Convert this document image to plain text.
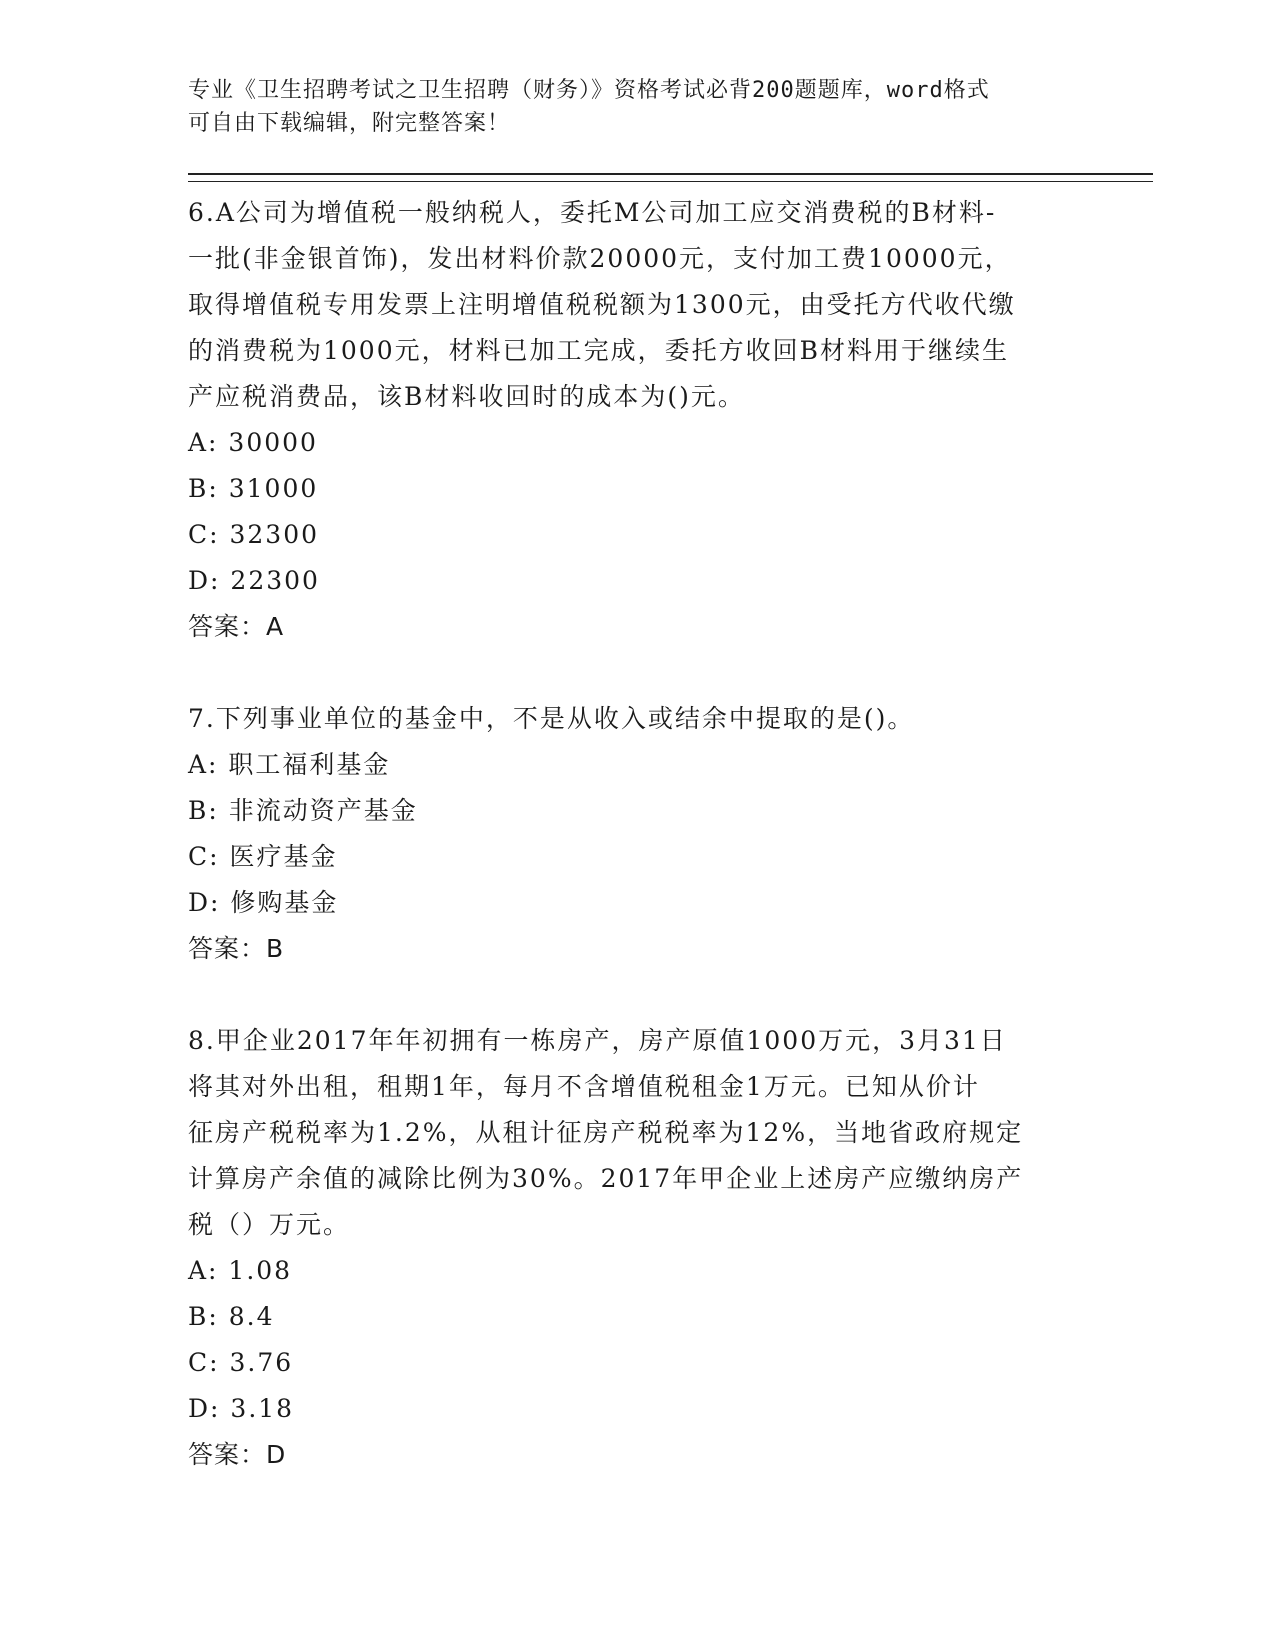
专业《卫生招聘考试之卫生招聘（财务）》资格考试必背200题题库，word格式
可自由下载编辑，附完整答案！
6.A公司为增值税一般纳税人，委托M公司加工应交消费税的B材料-
一批(非金银首饰)，发出材料价款20000元，支付加工费10000元，
取得增值税专用发票上注明增值税税额为1300元，由受托方代收代缴
的消费税为1000元，材料已加工完成，委托方收回B材料用于继续生
产应税消费品，该B材料收回时的成本为()元。
A: 30000
B: 31000
C: 32300
D: 22300
答案：A
7.下列事业单位的基金中，不是从收入或结余中提取的是()。
A: 职工福利基金
B: 非流动资产基金
C: 医疗基金
D: 修购基金
答案：B
8.甲企业2017年年初拥有一栋房产，房产原值1000万元，3月31日
将其对外出租，租期1年，每月不含增值税租金1万元。已知从价计
征房产税税率为1.2%，从租计征房产税税率为12%，当地省政府规定
计算房产余值的减除比例为30%。2017年甲企业上述房产应缴纳房产
税（）万元。
A: 1.08
B: 8.4
C: 3.76
D: 3.18
答案：D
